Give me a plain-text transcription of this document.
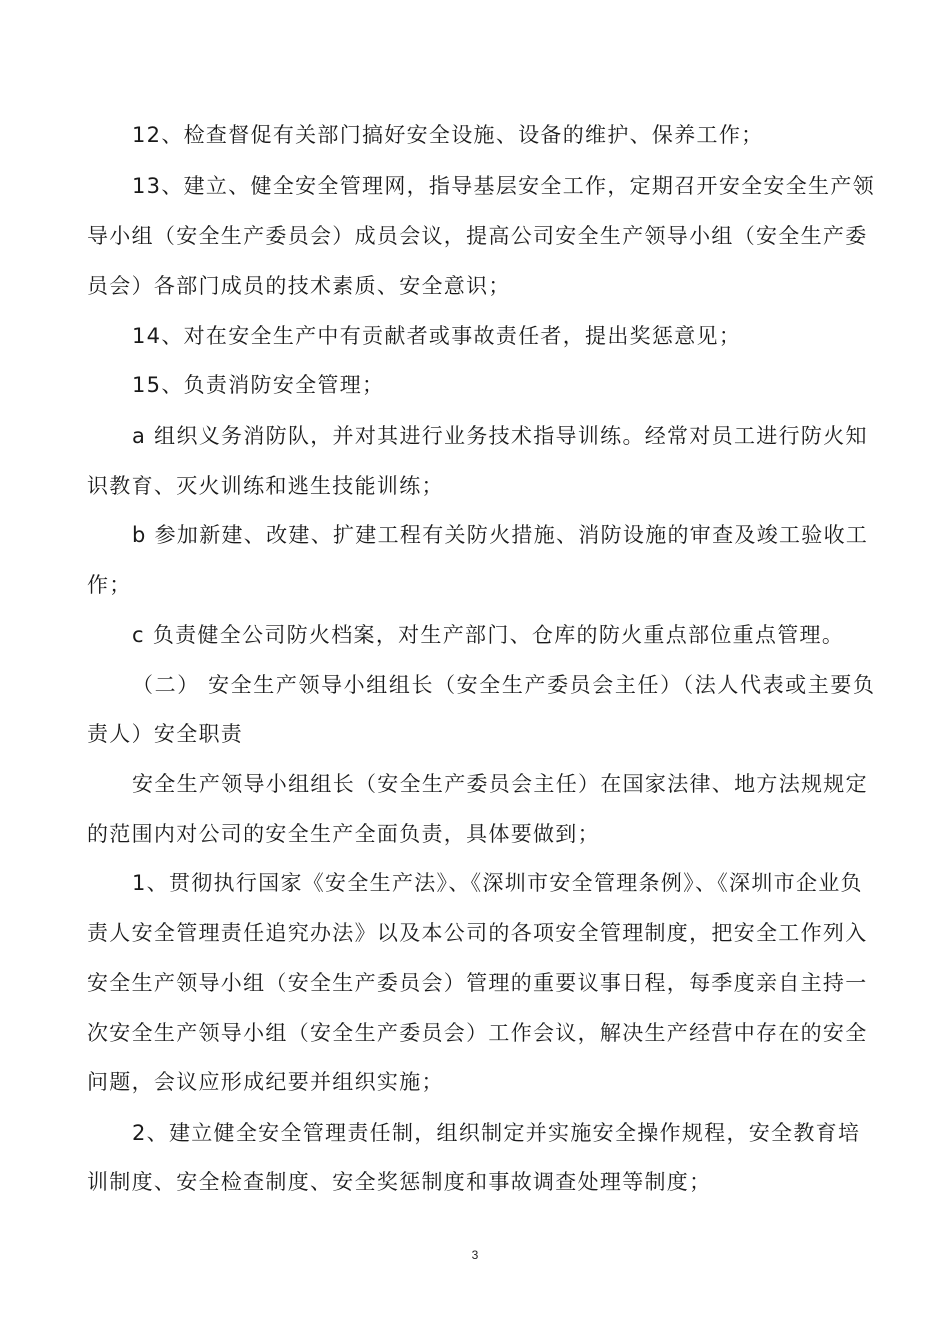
12、检查督促有关部门搞好安全设施、设备的维护、保养工作；
13、建立、健全安全管理网，指导基层安全工作，定期召开安全安全生产领
导小组（安全生产委员会）成员会议，提高公司安全生产领导小组（安全生产委
员会）各部门成员的技术素质、安全意识；
14、对在安全生产中有贡献者或事故责任者，提出奖惩意见；
15、负责消防安全管理；
a 组织义务消防队，并对其进行业务技术指导训练。经常对员工进行防火知
识教育、灭火训练和逃生技能训练；
b 参加新建、改建、扩建工程有关防火措施、消防设施的审查及竣工验收工
作；
c 负责健全公司防火档案，对生产部门、仓库的防火重点部位重点管理。
（二） 安全生产领导小组组长（安全生产委员会主任）（法人代表或主要负
责人）安全职责
安全生产领导小组组长（安全生产委员会主任）在国家法律、地方法规规定
的范围内对公司的安全生产全面负责，具体要做到；
1、贯彻执行国家《安全生产法》、《深圳市安全管理条例》、《深圳市企业负
责人安全管理责任追究办法》以及本公司的各项安全管理制度，把安全工作列入
安全生产领导小组（安全生产委员会）管理的重要议事日程，每季度亲自主持一
次安全生产领导小组（安全生产委员会）工作会议，解决生产经营中存在的安全
问题，会议应形成纪要并组织实施；
2、建立健全安全管理责任制，组织制定并实施安全操作规程，安全教育培
训制度、安全检查制度、安全奖惩制度和事故调查处理等制度；
3
